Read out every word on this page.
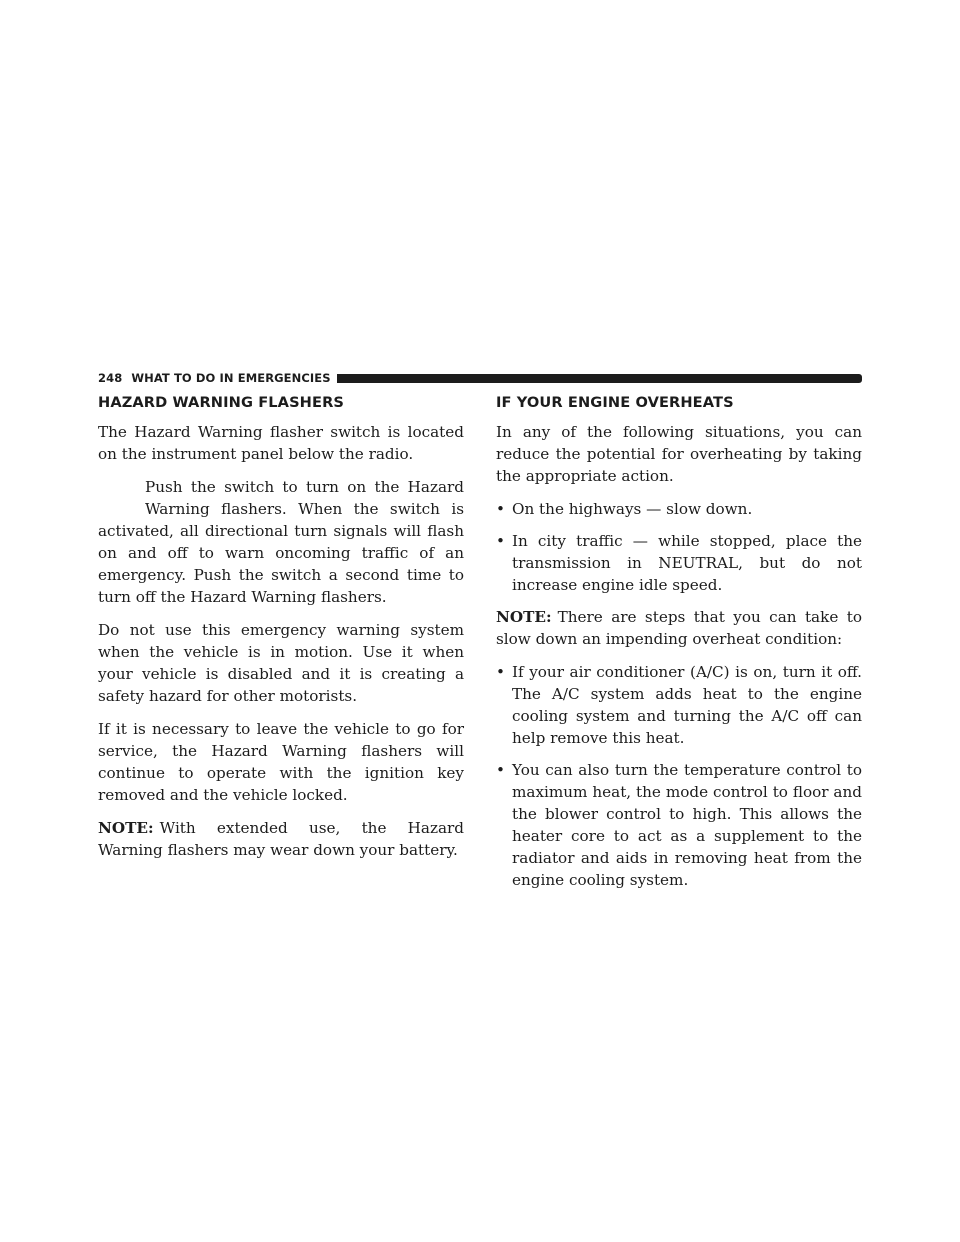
248 WHAT TO DO IN EMERGENCIES
HAZARD WARNING FLASHERS

The Hazard Warning flasher switch is located on the instrument panel below the radio.

Push the switch to turn on the Hazard Warning flashers. When the switch is activated, all directional turn signals will flash on and off to warn oncoming traffic of an emergency. Push the switch a second time to turn off the Hazard Warning flashers.

Do not use this emergency warning system when the vehicle is in motion. Use it when your vehicle is disabled and it is creating a safety hazard for other motorists.

If it is necessary to leave the vehicle to go for service, the Hazard Warning flashers will continue to operate with the ignition key removed and the vehicle locked.

NOTE: With extended use, the Hazard Warning flashers may wear down your battery.

IF YOUR ENGINE OVERHEATS

In any of the following situations, you can reduce the potential for overheating by taking the appropriate action.

• On the highways — slow down.
• In city traffic — while stopped, place the transmission in NEUTRAL, but do not increase engine idle speed.

NOTE: There are steps that you can take to slow down an impending overheat condition:

• If your air conditioner (A/C) is on, turn it off. The A/C system adds heat to the engine cooling system and turning the A/C off can help remove this heat.
• You can also turn the temperature control to maximum heat, the mode control to floor and the blower control to high. This allows the heater core to act as a supplement to the radiator and aids in removing heat from the engine cooling system.
